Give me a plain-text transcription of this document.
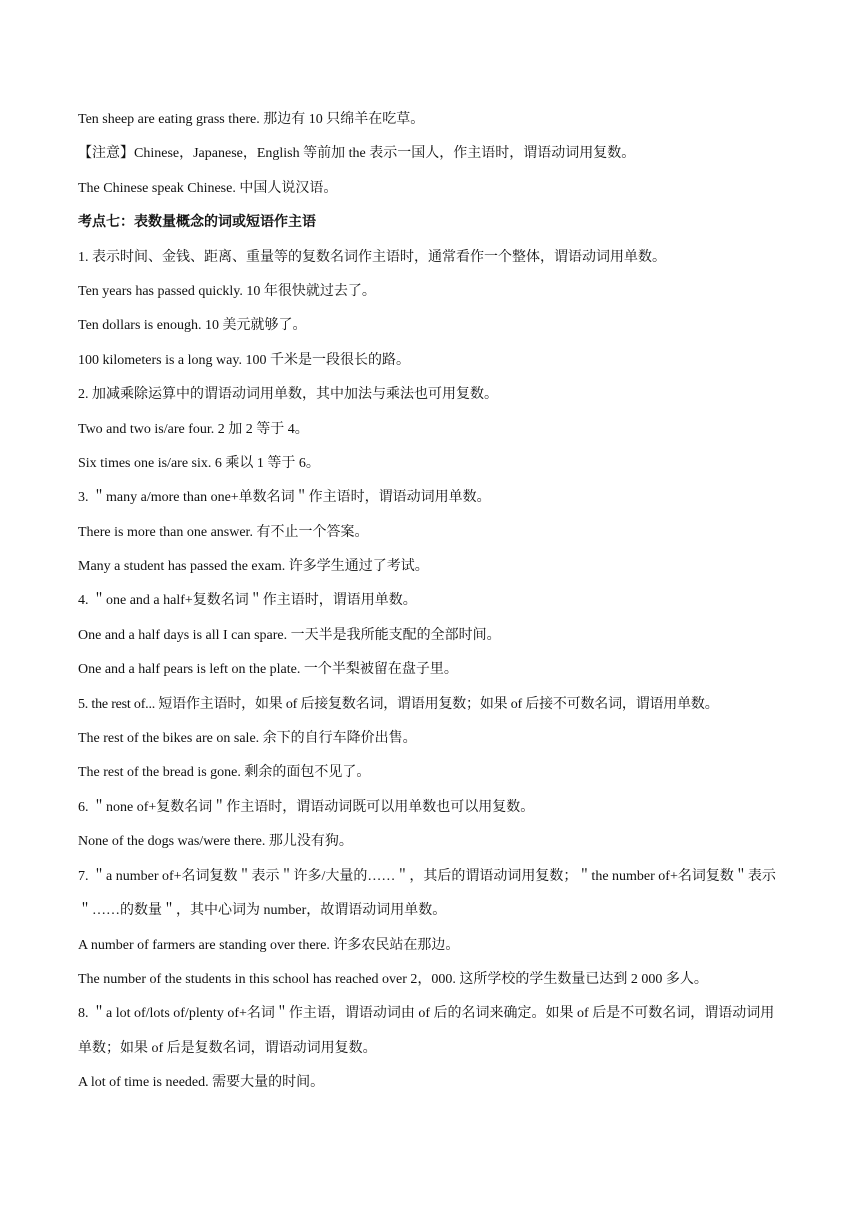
Ten sheep are eating grass there. 那边有 10 只绵羊在吃草。

【注意】Chinese，Japanese，English 等前加 the 表示一国人，作主语时，谓语动词用复数。

The Chinese speak Chinese. 中国人说汉语。

考点七：表数量概念的词或短语作主语

1. 表示时间、金钱、距离、重量等的复数名词作主语时，通常看作一个整体，谓语动词用单数。

Ten years has passed quickly. 10 年很快就过去了。

Ten dollars is enough. 10 美元就够了。

100 kilometers is a long way. 100 千米是一段很长的路。

2. 加减乘除运算中的谓语动词用单数，其中加法与乘法也可用复数。

Two and two is/are four. 2 加 2 等于 4。

Six times one is/are six. 6 乘以 1 等于 6。

3. ＂many a/more than one+单数名词＂作主语时，谓语动词用单数。

There is more than one answer. 有不止一个答案。

Many a student has passed the exam. 许多学生通过了考试。

4. ＂one and a half+复数名词＂作主语时，谓语用单数。

One and a half days is all I can spare. 一天半是我所能支配的全部时间。

One and a half pears is left on the plate. 一个半梨被留在盘子里。

5. the rest of... 短语作主语时，如果 of 后接复数名词，谓语用复数；如果 of 后接不可数名词，谓语用单数。

The rest of the bikes are on sale. 余下的自行车降价出售。

The rest of the bread is gone. 剩余的面包不见了。

6. ＂none of+复数名词＂作主语时，谓语动词既可以用单数也可以用复数。

None of the dogs was/were there. 那儿没有狗。

7. ＂a number of+名词复数＂表示＂许多/大量的……＂，其后的谓语动词用复数；＂the number of+名词复数＂表示＂……的数量＂，其中心词为 number，故谓语动词用单数。

A number of farmers are standing over there. 许多农民站在那边。

The number of the students in this school has reached over 2，000. 这所学校的学生数量已达到 2 000 多人。

8. ＂a lot of/lots of/plenty of+名词＂作主语，谓语动词由 of 后的名词来确定。如果 of 后是不可数名词，谓语动词用单数；如果 of 后是复数名词，谓语动词用复数。

A lot of time is needed. 需要大量的时间。
